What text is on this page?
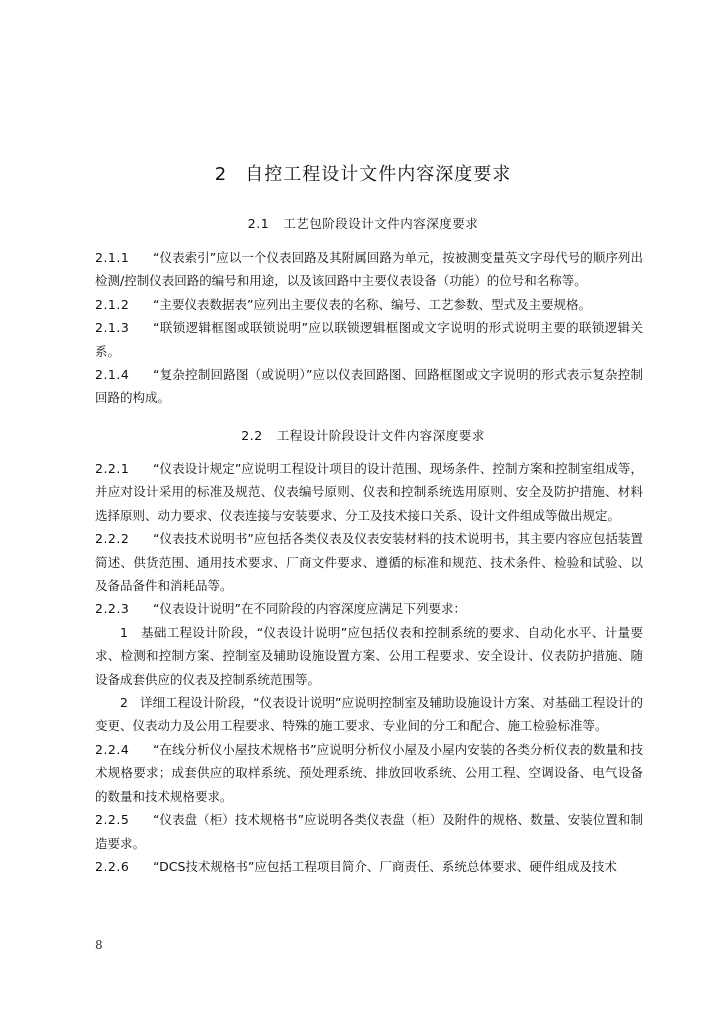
2 自控工程设计文件内容深度要求
2.1 工艺包阶段设计文件内容深度要求

2.1.1 “仪表索引”应以一个仪表回路及其附属回路为单元，按被测变量英文字母代号的顺序列出检测/控制仪表回路的编号和用途，以及该回路中主要仪表设备（功能）的位号和名称等。

2.1.2 “主要仪表数据表”应列出主要仪表的名称、编号、工艺参数、型式及主要规格。

2.1.3 “联锁逻辑框图或联锁说明”应以联锁逻辑框图或文字说明的形式说明主要的联锁逻辑关系。

2.1.4 “复杂控制回路图（或说明）”应以仪表回路图、回路框图或文字说明的形式表示复杂控制回路的构成。

2.2 工程设计阶段设计文件内容深度要求

2.2.1 “仪表设计规定”应说明工程设计项目的设计范围、现场条件、控制方案和控制室组成等，并应对设计采用的标准及规范、仪表编号原则、仪表和控制系统选用原则、安全及防护措施、材料选择原则、动力要求、仪表连接与安装要求、分工及技术接口关系、设计文件组成等做出规定。

2.2.2 “仪表技术说明书”应包括各类仪表及仪表安装材料的技术说明书，其主要内容应包括装置简述、供货范围、通用技术要求、厂商文件要求、遵循的标准和规范、技术条件、检验和试验、以及备品备件和消耗品等。

2.2.3 “仪表设计说明”在不同阶段的内容深度应满足下列要求：

1 基础工程设计阶段，“仪表设计说明”应包括仪表和控制系统的要求、自动化水平、计量要求、检测和控制方案、控制室及辅助设施设置方案、公用工程要求、安全设计、仪表防护措施、随设备成套供应的仪表及控制系统范围等。

2 详细工程设计阶段，“仪表设计说明”应说明控制室及辅助设施设计方案、对基础工程设计的变更、仪表动力及公用工程要求、特殊的施工要求、专业间的分工和配合、施工检验标准等。

2.2.4 “在线分析仪小屋技术规格书”应说明分析仪小屋及小屋内安装的各类分析仪表的数量和技术规格要求；成套供应的取样系统、预处理系统、排放回收系统、公用工程、空调设备、电气设备的数量和技术规格要求。

2.2.5 “仪表盘（柜）技术规格书”应说明各类仪表盘（柜）及附件的规格、数量、安装位置和制造要求。

2.2.6 “DCS技术规格书”应包括工程项目简介、厂商责任、系统总体要求、硬件组成及技术

8
